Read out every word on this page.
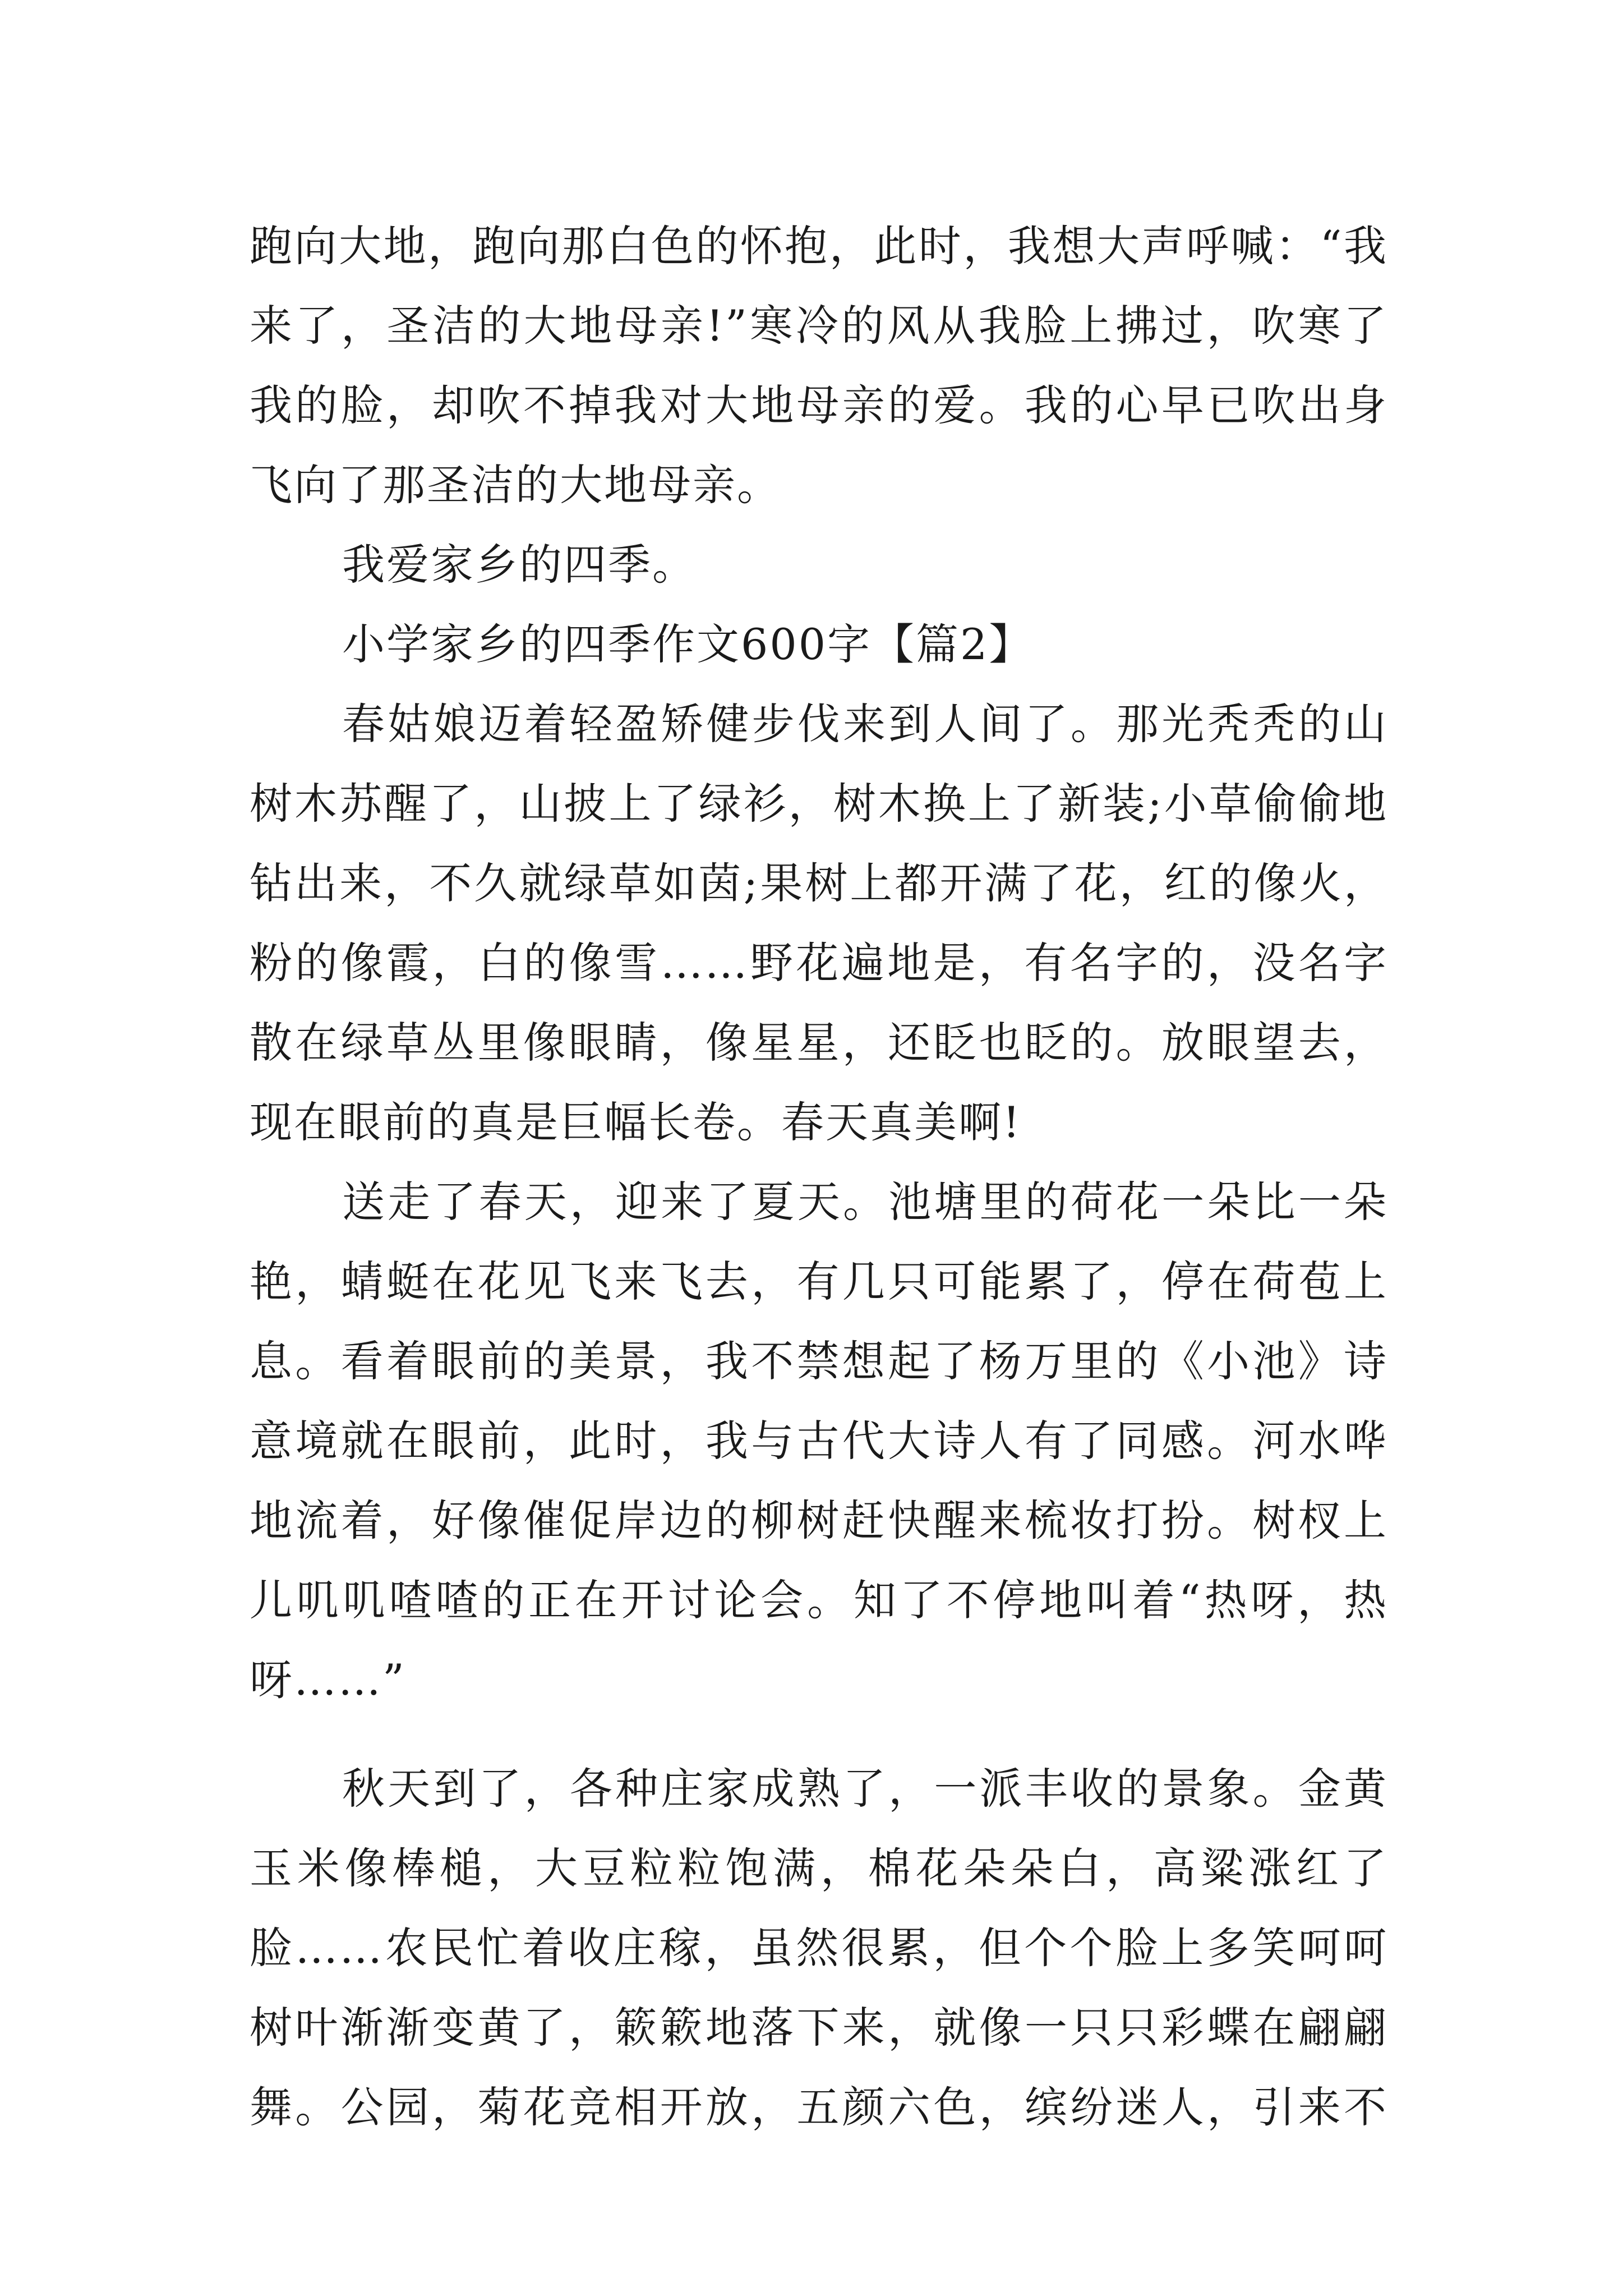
跑向大地，跑向那白色的怀抱，此时，我想大声呼喊：“我
来了，圣洁的大地母亲!”寒冷的风从我脸上拂过，吹寒了
我的脸，却吹不掉我对大地母亲的爱。我的心早已吹出身
飞向了那圣洁的大地母亲。
我爱家乡的四季。
小学家乡的四季作文600字【篇2】
春姑娘迈着轻盈矫健步伐来到人间了。那光秃秃的山
树木苏醒了，山披上了绿衫，树木换上了新装;小草偷偷地
钻出来，不久就绿草如茵;果树上都开满了花，红的像火，
粉的像霞，白的像雪……野花遍地是，有名字的，没名字
散在绿草丛里像眼睛，像星星，还眨也眨的。放眼望去，
现在眼前的真是巨幅长卷。春天真美啊!
送走了春天，迎来了夏天。池塘里的荷花一朵比一朵
艳，蜻蜓在花见飞来飞去，有几只可能累了，停在荷苞上
息。看着眼前的美景，我不禁想起了杨万里的《小池》诗
意境就在眼前，此时，我与古代大诗人有了同感。河水哗
地流着，好像催促岸边的柳树赶快醒来梳妆打扮。树杈上
儿叽叽喳喳的正在开讨论会。知了不停地叫着“热呀，热
呀……”
秋天到了，各种庄家成熟了，一派丰收的景象。金黄
玉米像棒槌，大豆粒粒饱满，棉花朵朵白，高粱涨红了
脸……农民忙着收庄稼，虽然很累，但个个脸上多笑呵呵
树叶渐渐变黄了，簌簌地落下来，就像一只只彩蝶在翩翩
舞。公园，菊花竞相开放，五颜六色，缤纷迷人，引来不
